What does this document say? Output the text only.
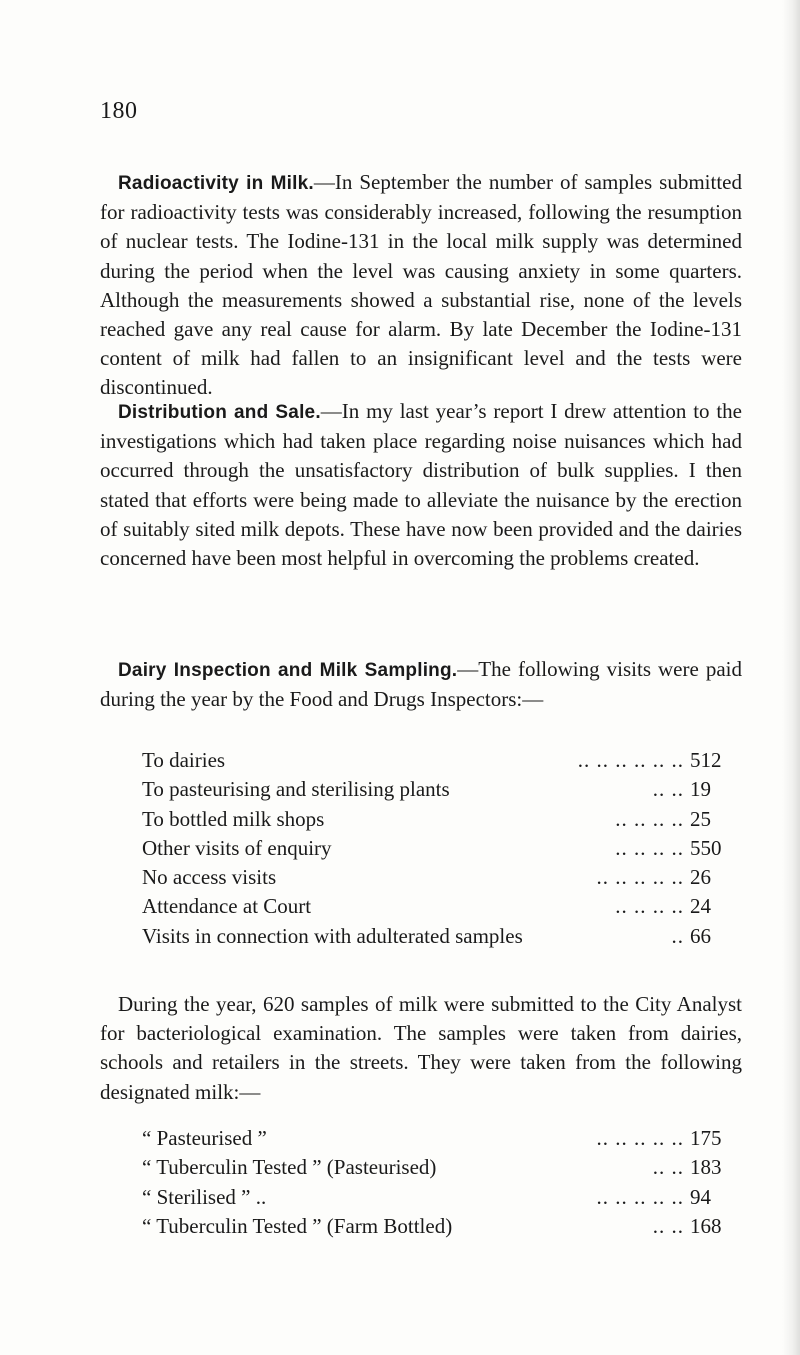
180

Radioactivity in Milk.—In September the number of samples submitted for radioactivity tests was considerably increased, following the resumption of nuclear tests. The Iodine-131 in the local milk supply was determined during the period when the level was causing anxiety in some quarters. Although the measurements showed a substantial rise, none of the levels reached gave any real cause for alarm. By late December the Iodine-131 content of milk had fallen to an insignificant level and the tests were discontinued.

Distribution and Sale.—In my last year’s report I drew attention to the investigations which had taken place regarding noise nuisances which had occurred through the unsatisfactory distribution of bulk supplies. I then stated that efforts were being made to alleviate the nuisance by the erection of suitably sited milk depots. These have now been provided and the dairies concerned have been most helpful in overcoming the problems created.

Dairy Inspection and Milk Sampling.—The following visits were paid during the year by the Food and Drugs Inspectors:—

To dairies	.. .. .. .. .. .. 512
To pasteurising and sterilising plants	.. .. 19
To bottled milk shops	.. .. .. .. 25
Other visits of enquiry	.. .. .. .. 550
No access visits	.. .. .. .. .. 26
Attendance at Court	.. .. .. .. 24
Visits in connection with adulterated samples	.. 66

During the year, 620 samples of milk were submitted to the City Analyst for bacteriological examination. The samples were taken from dairies, schools and retailers in the streets. They were taken from the following designated milk:—

“ Pasteurised ”	.. .. .. .. .. 175
“ Tuberculin Tested ” (Pasteurised)	.. .. 183
“ Sterilised ” ..	.. .. .. .. .. 94
“ Tuberculin Tested ” (Farm Bottled)	.. .. 168
